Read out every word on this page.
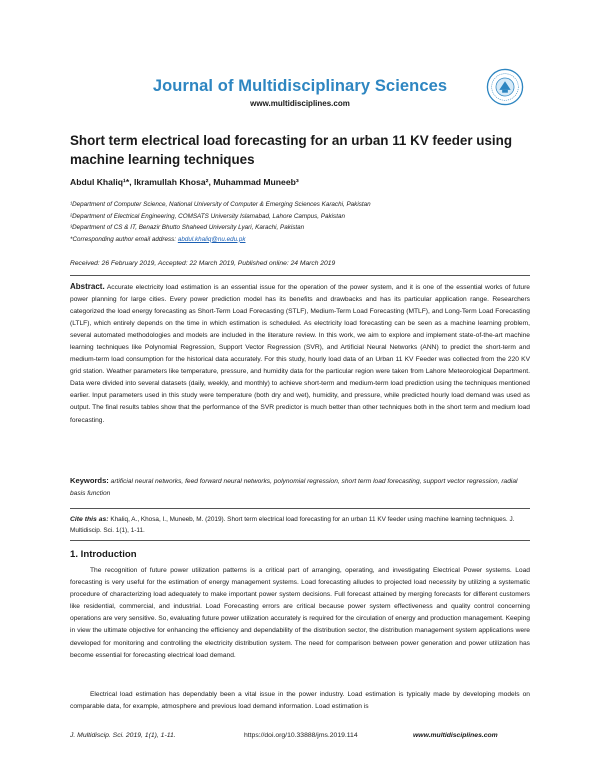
Journal of Multidisciplinary Sciences
www.multidisciplines.com
Short term electrical load forecasting for an urban 11 KV feeder using machine learning techniques
Abdul Khaliq¹*, Ikramullah Khosa², Muhammad Muneeb³
¹Department of Computer Science, National University of Computer & Emerging Sciences Karachi, Pakistan
²Department of Electrical Engineering, COMSATS University Islamabad, Lahore Campus, Pakistan
³Department of CS & IT, Benazir Bhutto Shaheed University Lyari, Karachi, Pakistan
*Corresponding author email address: abdul.khaliq@nu.edu.pk
Received: 26 February 2019, Accepted: 22 March 2019, Published online: 24 March 2019
Abstract. Accurate electricity load estimation is an essential issue for the operation of the power system, and it is one of the essential works of future power planning for large cities. Every power prediction model has its benefits and drawbacks and has its particular application range. Researchers categorized the load energy forecasting as Short-Term Load Forecasting (STLF), Medium-Term Load Forecasting (MTLF), and Long-Term Load Forecasting (LTLF), which entirely depends on the time in which estimation is scheduled. As electricity load forecasting can be seen as a machine learning problem, several automated methodologies and models are included in the literature review. In this work, we aim to explore and implement state-of-the-art machine learning techniques like Polynomial Regression, Support Vector Regression (SVR), and Artificial Neural Networks (ANN) to predict the short-term and medium-term load consumption for the historical data accurately. For this study, hourly load data of an Urban 11 KV Feeder was collected from the 220 KV grid station. Weather parameters like temperature, pressure, and humidity data for the particular region were taken from Lahore Meteorological Department. Data were divided into several datasets (daily, weekly, and monthly) to achieve short-term and medium-term load prediction using the techniques mentioned earlier. Input parameters used in this study were temperature (both dry and wet), humidity, and pressure, while predicted hourly load demand was used as output. The final results tables show that the performance of the SVR predictor is much better than other techniques both in the short term and medium load forecasting.
Keywords: artificial neural networks, feed forward neural networks, polynomial regression, short term load forecasting, support vector regression, radial basis function
Cite this as: Khaliq, A., Khosa, I., Muneeb, M. (2019). Short term electrical load forecasting for an urban 11 KV feeder using machine learning techniques. J. Multidiscip. Sci. 1(1), 1-11.
1. Introduction
The recognition of future power utilization patterns is a critical part of arranging, operating, and investigating Electrical Power systems. Load forecasting is very useful for the estimation of energy management systems. Load forecasting alludes to projected load necessity by utilizing a systematic procedure of characterizing load adequately to make important power system decisions. Full forecast attained by merging forecasts for different customers like residential, commercial, and industrial. Load Forecasting errors are critical because power system effectiveness and quality control concerning operations are very sensitive. So, evaluating future power utilization accurately is required for the circulation of energy and production management. Keeping in view the ultimate objective for enhancing the efficiency and dependability of the distribution sector, the distribution management system applications were developed for monitoring and controlling the electricity distribution system. The need for comparison between power generation and power utilization has become essential for forecasting electrical load demand.
Electrical load estimation has dependably been a vital issue in the power industry. Load estimation is typically made by developing models on comparable data, for example, atmosphere and previous load demand information. Load estimation is
J. Multidiscip. Sci. 2019, 1(1), 1-11.	https://doi.org/10.33888/jms.2019.114	www.multidisciplines.com
